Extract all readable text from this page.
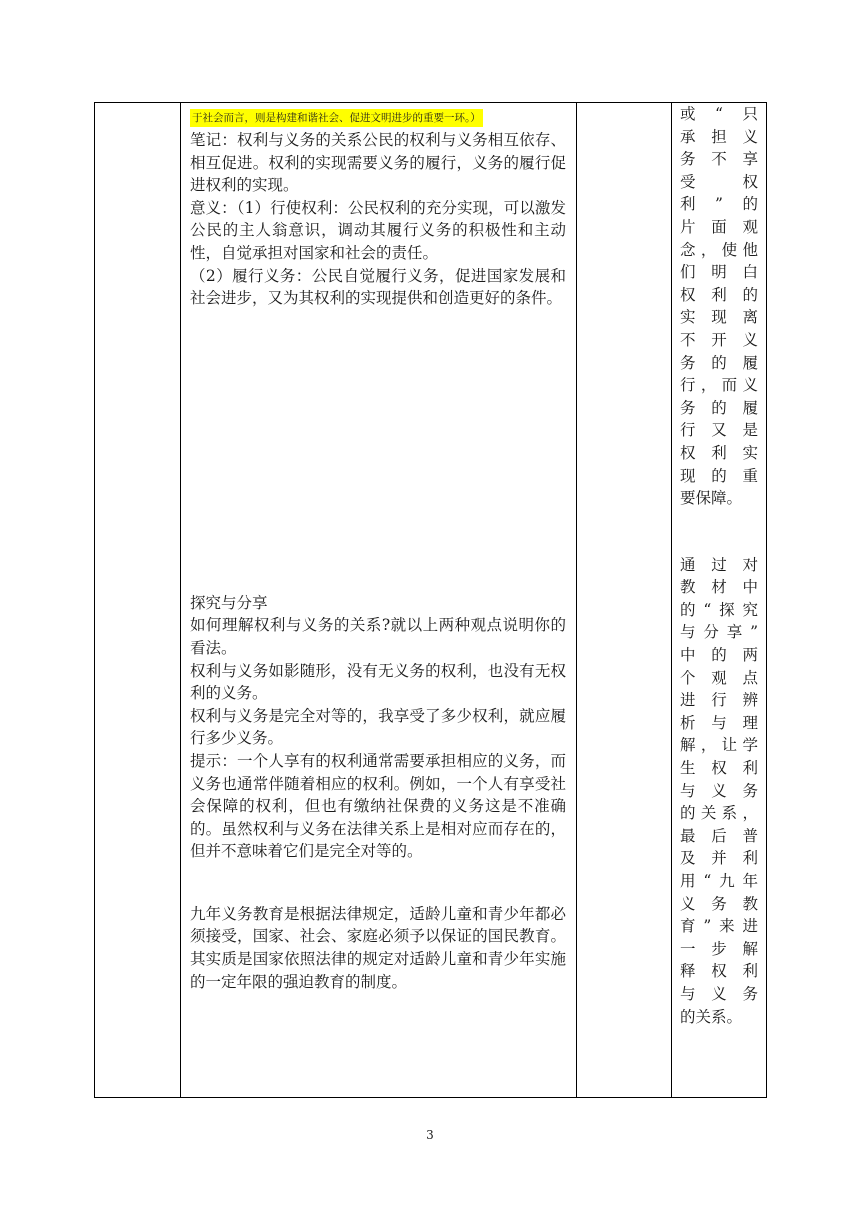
于社会而言，则是构建和谐社会、促进文明进步的重要一环。）

笔记：权利与义务的关系公民的权利与义务相互依存、相互促进。权利的实现需要义务的履行，义务的履行促进权利的实现。

意义：（1）行使权利：公民权利的充分实现，可以激发公民的主人翁意识，调动其履行义务的积极性和主动性，自觉承担对国家和社会的责任。

（2）履行义务：公民自觉履行义务，促进国家发展和社会进步，又为其权利的实现提供和创造更好的条件。

探究与分享

如何理解权利与义务的关系?就以上两种观点说明你的看法。

权利与义务如影随形，没有无义务的权利，也没有无权利的义务。

权利与义务是完全对等的，我享受了多少权利，就应履行多少义务。

提示：一个人享有的权利通常需要承担相应的义务，而义务也通常伴随着相应的权利。例如，一个人有享受社会保障的权利，但也有缴纳社保费的义务这是不准确的。虽然权利与义务在法律关系上是相对应而存在的，但并不意味着它们是完全对等的。

九年义务教育是根据法律规定，适龄儿童和青少年都必须接受，国家、社会、家庭必须予以保证的国民教育。其实质是国家依照法律的规定对适龄儿童和青少年实施的一定年限的强迫教育的制度。

或“只
承担义
务不享
受　权
利”的
片面观
念，使他
们明白
权利的
实现离
不开义
务的履
行，而义
务的履
行又是
权利实
现的重
要保障。
通过对
教材中
的“探究
与分享”
中的两
个观点
进行辨
析与理
解，让学
生权利
与义务
的关系，
最后普
及并利
用“九年
义务教
育”来进
一步解
释权利
与义务
的关系。
3
